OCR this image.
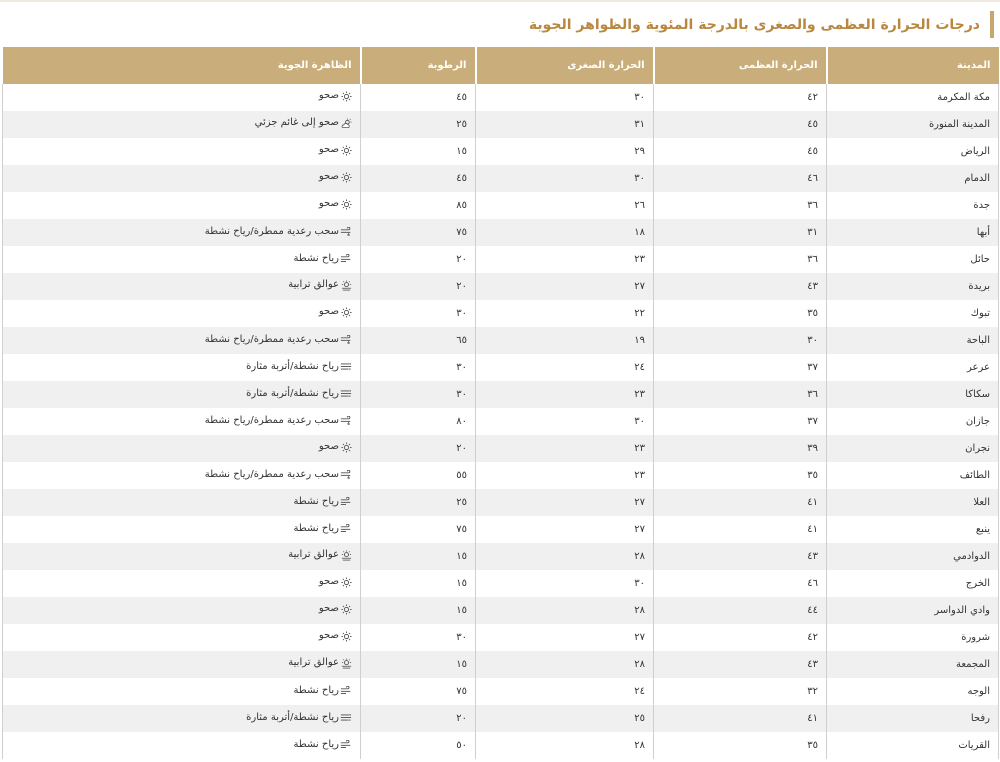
درجات الحرارة العظمى والصغرى بالدرجة المئوية والظواهر الجوية
المدينة	الحرارة العظمى	الحرارة الصغرى	الرطوبة	الظاهرة الجوية
مكة المكرمة	٤٢	٣٠	٤٥	صحو

المدينة المنورة	٤٥	٣١	٢٥	صحو إلى غائم جزئي

الرياض	٤٥	٢٩	١٥	صحو

الدمام	٤٦	٣٠	٤٥	صحو

جدة	٣٦	٢٦	٨٥	صحو

أبها	٣١	١٨	٧٥	سحب رعدية ممطرة/رياح نشطة

حائل	٣٦	٢٣	٢٠	رياح نشطة

بريدة	٤٣	٢٧	٢٠	عوالق ترابية

تبوك	٣٥	٢٢	٣٠	صحو

الباحة	٣٠	١٩	٦٥	سحب رعدية ممطرة/رياح نشطة

عرعر	٣٧	٢٤	٣٠	رياح نشطة/أتربة مثارة

سكاكا	٣٦	٢٣	٣٠	رياح نشطة/أتربة مثارة

جازان	٣٧	٣٠	٨٠	سحب رعدية ممطرة/رياح نشطة

نجران	٣٩	٢٣	٢٠	صحو

الطائف	٣٥	٢٣	٥٥	سحب رعدية ممطرة/رياح نشطة

العلا	٤١	٢٧	٢٥	رياح نشطة

ينبع	٤١	٢٧	٧٥	رياح نشطة

الدوادمي	٤٣	٢٨	١٥	عوالق ترابية

الخرج	٤٦	٣٠	١٥	صحو

وادي الدواسر	٤٤	٢٨	١٥	صحو

شرورة	٤٢	٢٧	٣٠	صحو

المجمعة	٤٣	٢٨	١٥	عوالق ترابية

الوجه	٣٢	٢٤	٧٥	رياح نشطة

رفحا	٤١	٢٥	٢٠	رياح نشطة/أتربة مثارة

القريات	٣٥	٢٨	٥٠	رياح نشطة
